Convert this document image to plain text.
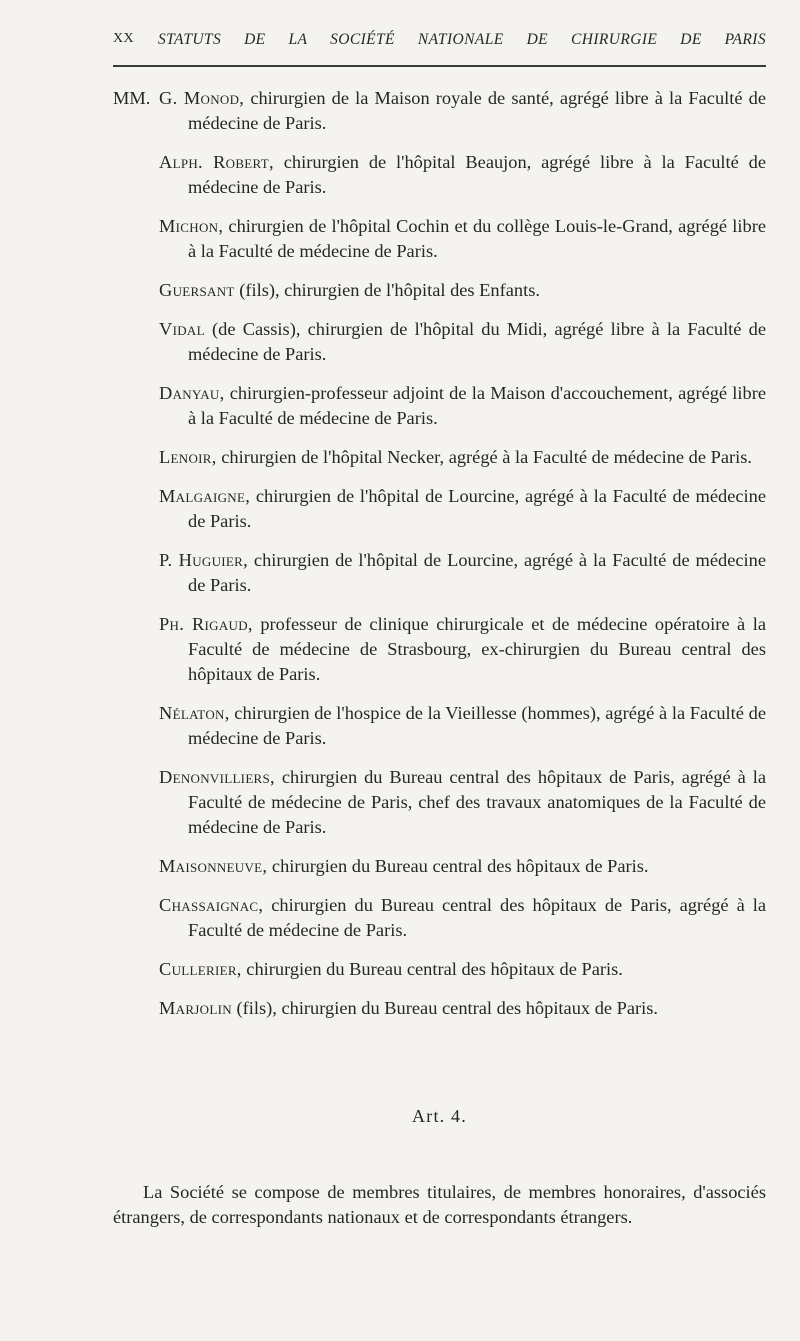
XX STATUTS DE LA SOCIÉTÉ NATIONALE DE CHIRURGIE DE PARIS

MM. G. Monod, chirurgien de la Maison royale de santé, agrégé libre à la Faculté de médecine de Paris.

Alph. Robert, chirurgien de l'hôpital Beaujon, agrégé libre à la Faculté de médecine de Paris.

Michon, chirurgien de l'hôpital Cochin et du collège Louis-le-Grand, agrégé libre à la Faculté de médecine de Paris.

Guersant (fils), chirurgien de l'hôpital des Enfants.

Vidal (de Cassis), chirurgien de l'hôpital du Midi, agrégé libre à la Faculté de médecine de Paris.

Danyau, chirurgien-professeur adjoint de la Maison d'accouchement, agrégé libre à la Faculté de médecine de Paris.

Lenoir, chirurgien de l'hôpital Necker, agrégé à la Faculté de médecine de Paris.

Malgaigne, chirurgien de l'hôpital de Lourcine, agrégé à la Faculté de médecine de Paris.

P. Huguier, chirurgien de l'hôpital de Lourcine, agrégé à la Faculté de médecine de Paris.

Ph. Rigaud, professeur de clinique chirurgicale et de médecine opératoire à la Faculté de médecine de Strasbourg, ex-chirurgien du Bureau central des hôpitaux de Paris.

Nélaton, chirurgien de l'hospice de la Vieillesse (hommes), agrégé à la Faculté de médecine de Paris.

Denonvilliers, chirurgien du Bureau central des hôpitaux de Paris, agrégé à la Faculté de médecine de Paris, chef des travaux anatomiques de la Faculté de médecine de Paris.

Maisonneuve, chirurgien du Bureau central des hôpitaux de Paris.

Chassaignac, chirurgien du Bureau central des hôpitaux de Paris, agrégé à la Faculté de médecine de Paris.

Cullerier, chirurgien du Bureau central des hôpitaux de Paris.

Marjolin (fils), chirurgien du Bureau central des hôpitaux de Paris.

Art. 4.

La Société se compose de membres titulaires, de membres honoraires, d'associés étrangers, de correspondants nationaux et de correspondants étrangers.
